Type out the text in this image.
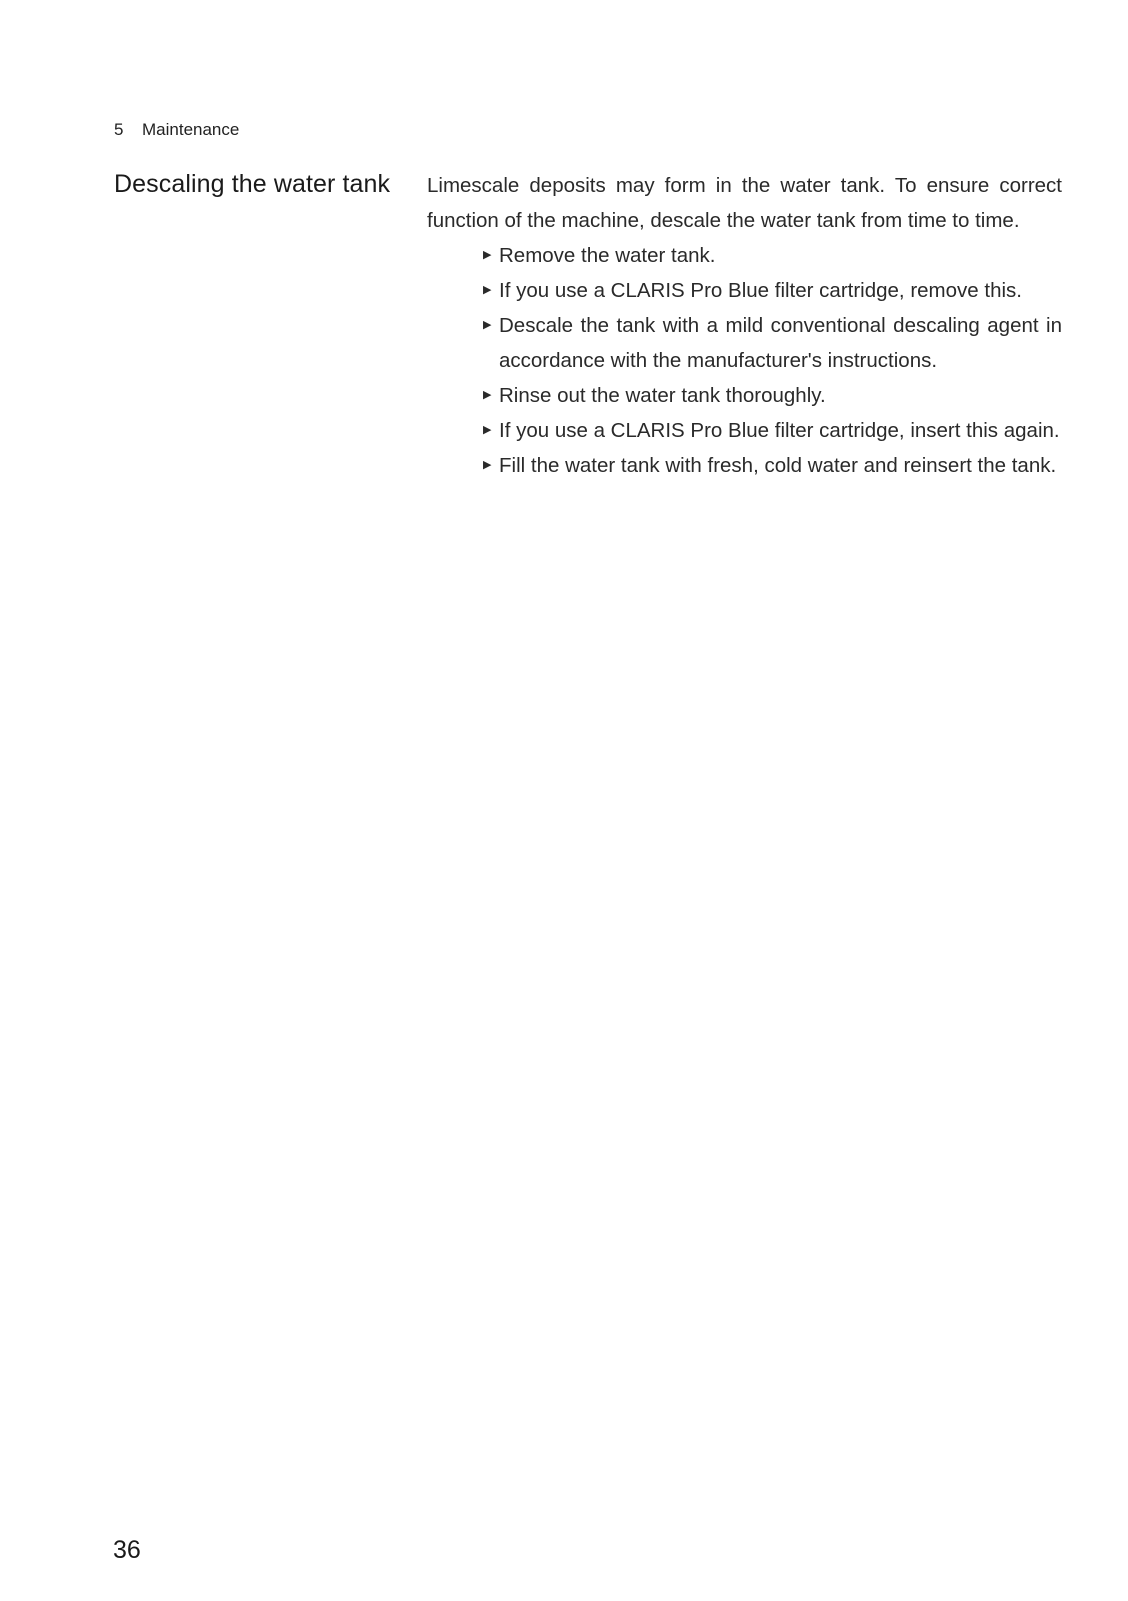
5 Maintenance
Descaling the water tank	Limescale deposits may form in the water tank. To ensure correct function of the machine, descale the water tank from time to time.

▶ Remove the water tank.
▶ If you use a CLARIS Pro Blue filter cartridge, remove this.
▶ Descale the tank with a mild conventional descaling agent in accordance with the manufacturer's instructions.
▶ Rinse out the water tank thoroughly.
▶ If you use a CLARIS Pro Blue filter cartridge, insert this again.
▶ Fill the water tank with fresh, cold water and reinsert the tank.
36
